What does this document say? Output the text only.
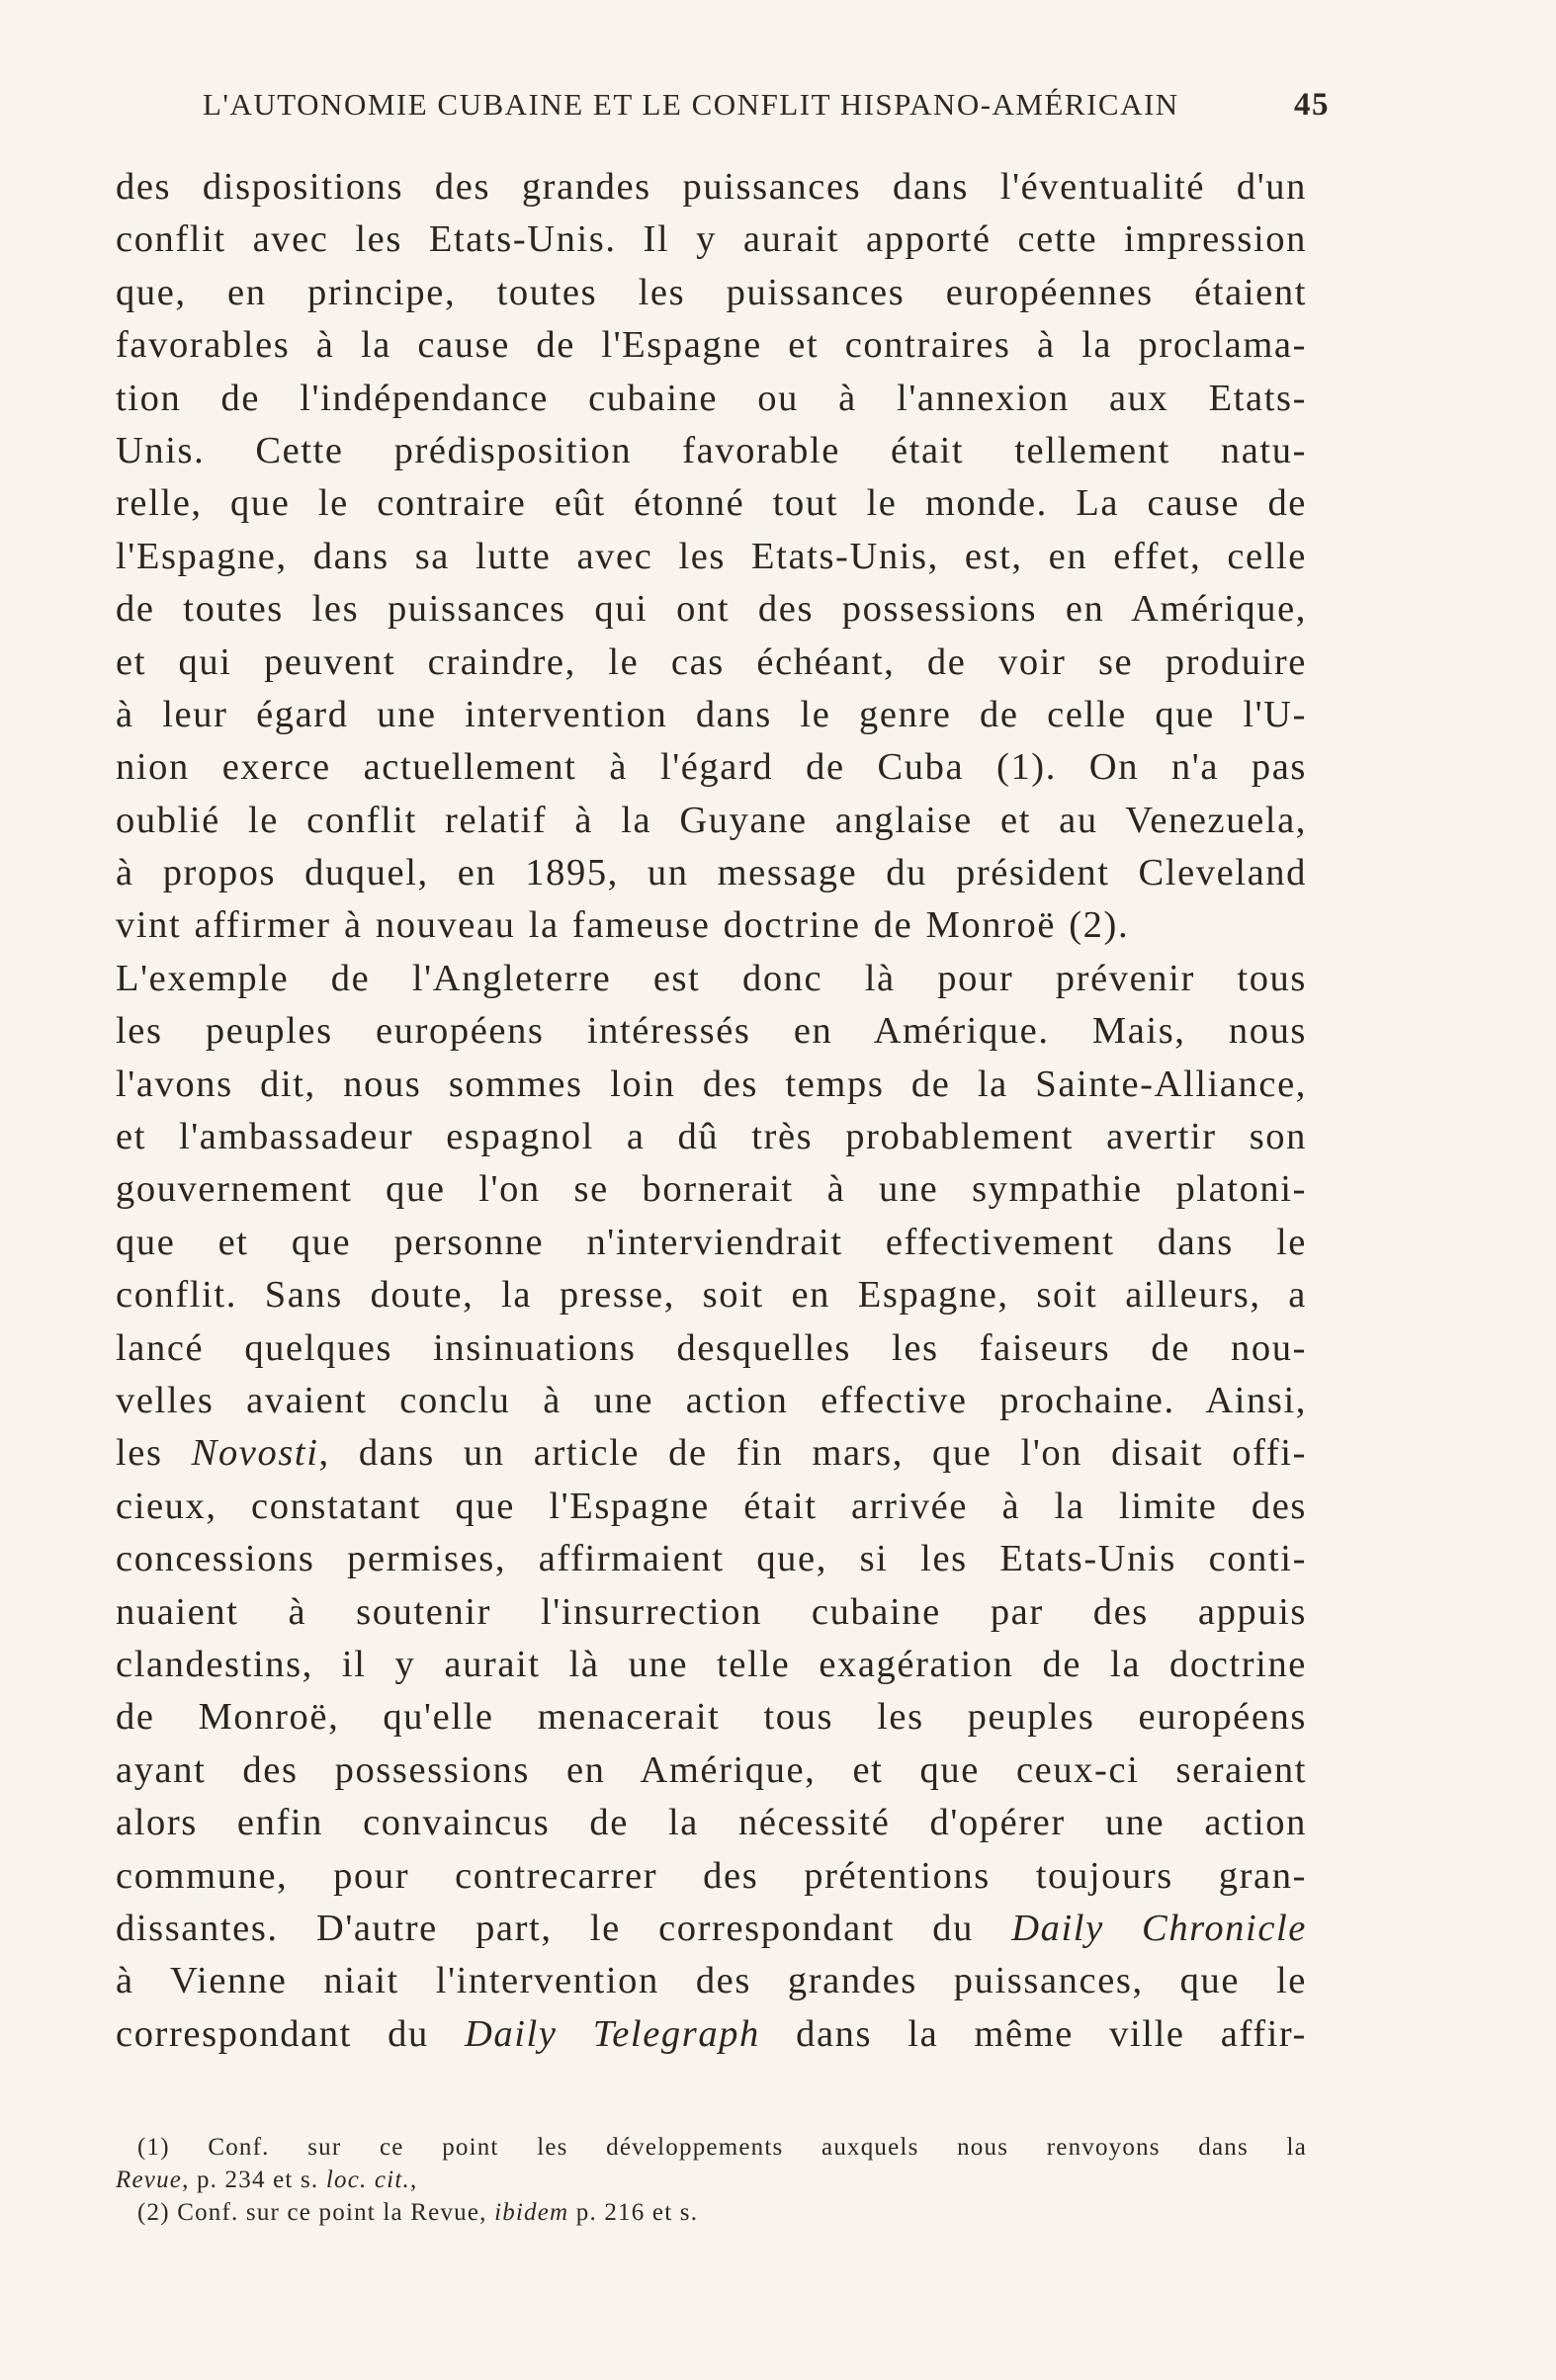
L'AUTONOMIE CUBAINE ET LE CONFLIT HISPANO-AMÉRICAIN	45
des dispositions des grandes puissances dans l'éventualité d'un
conflit avec les Etats-Unis. Il y aurait apporté cette impression
que, en principe, toutes les puissances européennes étaient
favorables à la cause de l'Espagne et contraires à la proclama-
tion de l'indépendance cubaine ou à l'annexion aux Etats-
Unis. Cette prédisposition favorable était tellement natu-
relle, que le contraire eût étonné tout le monde. La cause de
l'Espagne, dans sa lutte avec les Etats-Unis, est, en effet, celle
de toutes les puissances qui ont des possessions en Amérique,
et qui peuvent craindre, le cas échéant, de voir se produire
à leur égard une intervention dans le genre de celle que l'U-
nion exerce actuellement à l'égard de Cuba (1). On n'a pas
oublié le conflit relatif à la Guyane anglaise et au Venezuela,
à propos duquel, en 1895, un message du président Cleveland
vint affirmer à nouveau la fameuse doctrine de Monroë (2).
L'exemple de l'Angleterre est donc là pour prévenir tous
les peuples européens intéressés en Amérique. Mais, nous
l'avons dit, nous sommes loin des temps de la Sainte-Alliance,
et l'ambassadeur espagnol a dû très probablement avertir son
gouvernement que l'on se bornerait à une sympathie platoni-
que et que personne n'interviendrait effectivement dans le
conflit. Sans doute, la presse, soit en Espagne, soit ailleurs, a
lancé quelques insinuations desquelles les faiseurs de nou-
velles avaient conclu à une action effective prochaine. Ainsi,
les Novosti, dans un article de fin mars, que l'on disait offi-
cieux, constatant que l'Espagne était arrivée à la limite des
concessions permises, affirmaient que, si les Etats-Unis conti-
nuaient à soutenir l'insurrection cubaine par des appuis
clandestins, il y aurait là une telle exagération de la doctrine
de Monroë, qu'elle menacerait tous les peuples européens
ayant des possessions en Amérique, et que ceux-ci seraient
alors enfin convaincus de la nécessité d'opérer une action
commune, pour contrecarrer des prétentions toujours gran-
dissantes. D'autre part, le correspondant du Daily Chronicle
à Vienne niait l'intervention des grandes puissances, que le
correspondant du Daily Telegraph dans la même ville affir-
(1) Conf. sur ce point les développements auxquels nous renvoyons dans la
Revue, p. 234 et s. loc. cit.,
(2) Conf. sur ce point la Revue, ibidem p. 216 et s.
